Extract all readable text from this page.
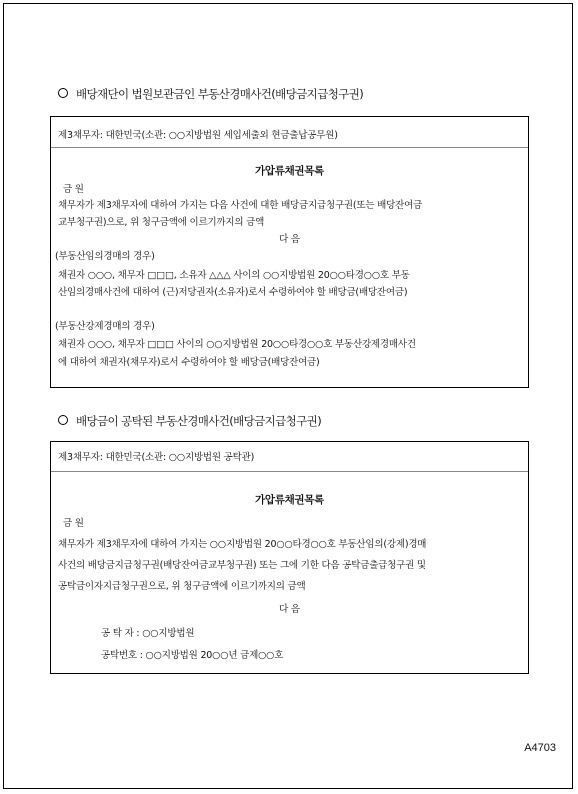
배당재단이 법원보관금인 부동산경매사건(배당금지급청구권)
제3채무자: 대한민국(소관: ○○지방법원 세입세출외 현금출납공무원)
가압류채권목록
금 원
채무자가 제3채무자에 대하여 가지는 다음 사건에 대한 배당금지급청구권(또는 배당잔여금
교부청구권)으로, 위 청구금액에 이르기까지의 금액
다 음
(부동산임의경매의 경우)
채권자 ○○○, 채무자 □□□, 소유자 △△△ 사이의 ○○지방법원 20○○타경○○호 부동
산임의경매사건에 대하여 (근)저당권자(소유자)로서 수령하여야 할 배당금(배당잔여금)
(부동산강제경매의 경우)
채권자 ○○○, 채무자 □□□ 사이의 ○○지방법원 20○○타경○○호 부동산강제경매사건
에 대하여 채권자(채무자)로서 수령하여야 할 배당금(배당잔여금)
배당금이 공탁된 부동산경매사건(배당금지급청구권)
제3채무자: 대한민국(소관: ○○지방법원 공탁관)
가압류채권목록
금 원
채무자가 제3채무자에 대하여 가지는 ○○지방법원 20○○타경○○호 부동산임의(강제)경매
사건의 배당금지급청구권(배당잔여금교부청구권) 또는 그에 기한 다음 공탁금출급청구권 및
공탁금이자지급청구권으로, 위 청구금액에 이르기까지의 금액
다 음
공 탁 자 : ○○지방법원
공탁번호 : ○○지방법원 20○○년 금제○○호
A4703
